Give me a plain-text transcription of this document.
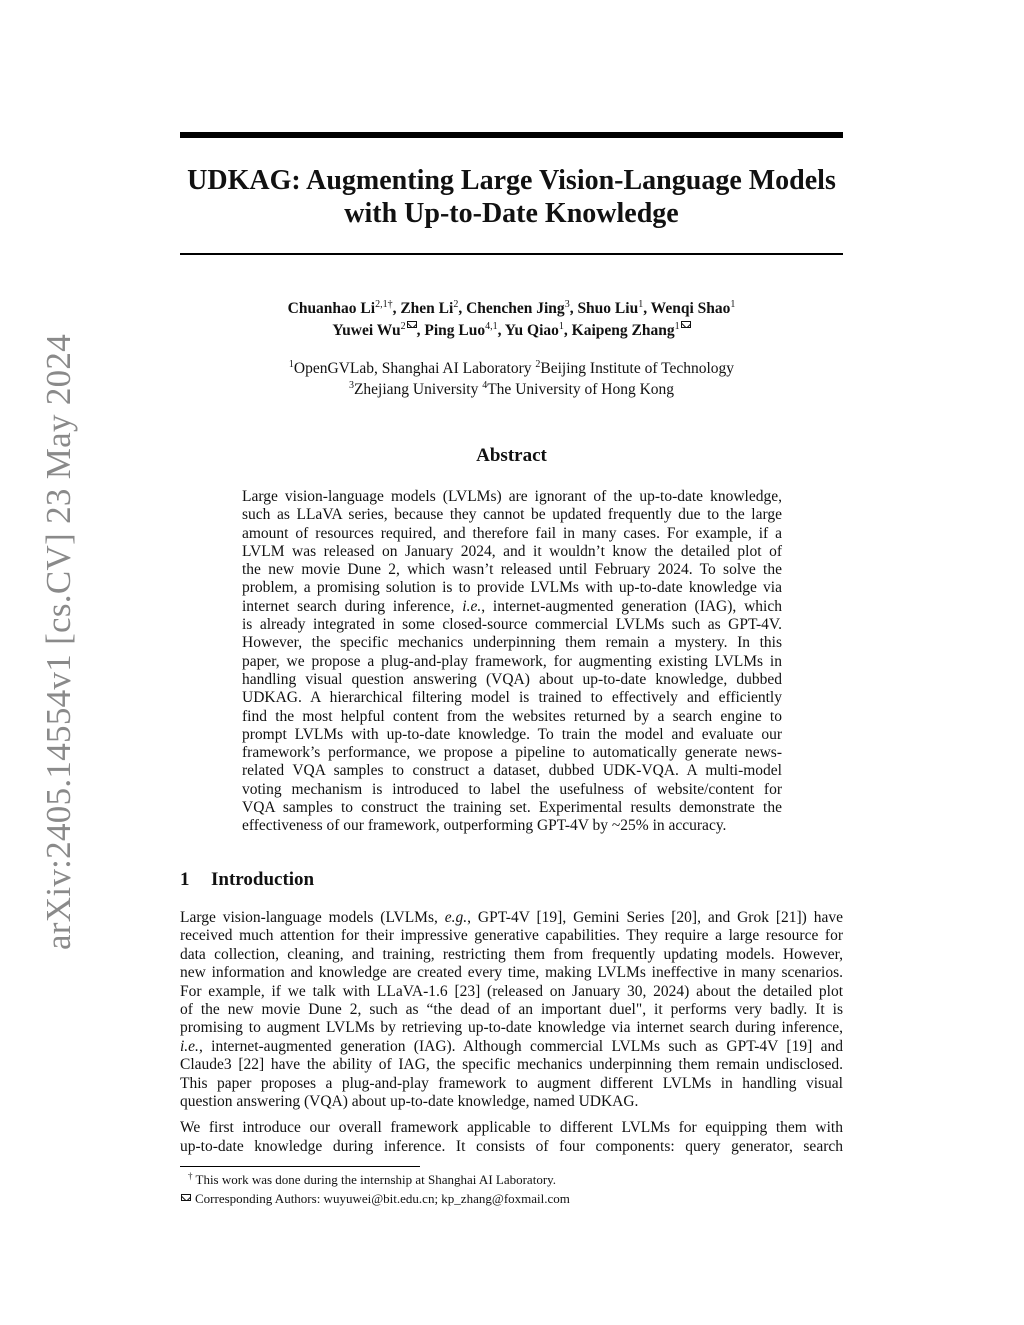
arXiv:2405.14554v1 [cs.CV] 23 May 2024
UDKAG: Augmenting Large Vision-Language Models
with Up-to-Date Knowledge
Chuanhao $Li^{2,1\dagger}$, Zhen Li$^2$, Chenchen Jing$^3$, Shuo Liu$^1$, Wenqi Shao$^1$
Yuwei Wu$^2$ , Ping Luo$^{4,1}$, Yu Qiao$^1$, Kaipeng Zhang$^1$
$^1$OpenGVLab, Shanghai AI Laboratory $^2$Beijing Institute of Technology
$^3$Zhejiang University $^4$The University of Hong Kong
Abstract
Large vision-language models (LVLMs) are ignorant of the up-to-date knowledge,
such as LLaVA series, because they cannot be updated frequently due to the large
amount of resources required, and therefore fail in many cases. For example, if a
LVLM was released on January 2024, and it wouldn’t know the detailed plot of
the new movie Dune 2, which wasn’t released until February 2024. To solve the
problem, a promising solution is to provide LVLMs with up-to-date knowledge via
internet search during inference, i.e., internet-augmented generation (IAG), which
is already integrated in some closed-source commercial LVLMs such as GPT-4V.
However, the specific mechanics underpinning them remain a mystery. In this
paper, we propose a plug-and-play framework, for augmenting existing LVLMs in
handling visual question answering (VQA) about up-to-date knowledge, dubbed
UDKAG. A hierarchical filtering model is trained to effectively and efficiently
find the most helpful content from the websites returned by a search engine to
prompt LVLMs with up-to-date knowledge. To train the model and evaluate our
framework’s performance, we propose a pipeline to automatically generate news-
related VQA samples to construct a dataset, dubbed UDK-VQA. A multi-model
voting mechanism is introduced to label the usefulness of website/content for
VQA samples to construct the training set. Experimental results demonstrate the
effectiveness of our framework, outperforming GPT-4V by ~25% in accuracy.
1 Introduction
Large vision-language models (LVLMs, e.g., GPT-4V [19], Gemini Series [20], and Grok [21]) have
received much attention for their impressive generative capabilities. They require a large resource for
data collection, cleaning, and training, restricting them from frequently updating models. However,
new information and knowledge are created every time, making LVLMs ineffective in many scenarios.
For example, if we talk with LLaVA-1.6 [23] (released on January 30, 2024) about the detailed plot
of the new movie Dune 2, such as “the dead of an important duel", it performs very badly. It is
promising to augment LVLMs by retrieving up-to-date knowledge via internet search during inference,
i.e., internet-augmented generation (IAG). Although commercial LVLMs such as GPT-4V [19] and
Claude3 [22] have the ability of IAG, the specific mechanics underpinning them remain undisclosed.
This paper proposes a plug-and-play framework to augment different LVLMs in handling visual
question answering (VQA) about up-to-date knowledge, named UDKAG.
We first introduce our overall framework applicable to different LVLMs for equipping them with
up-to-date knowledge during inference. It consists of four components: query generator, search
† This work was done during the internship at Shanghai AI Laboratory.
Corresponding Authors: wuyuwei@bit.edu.cn; kp_zhang@foxmail.com
